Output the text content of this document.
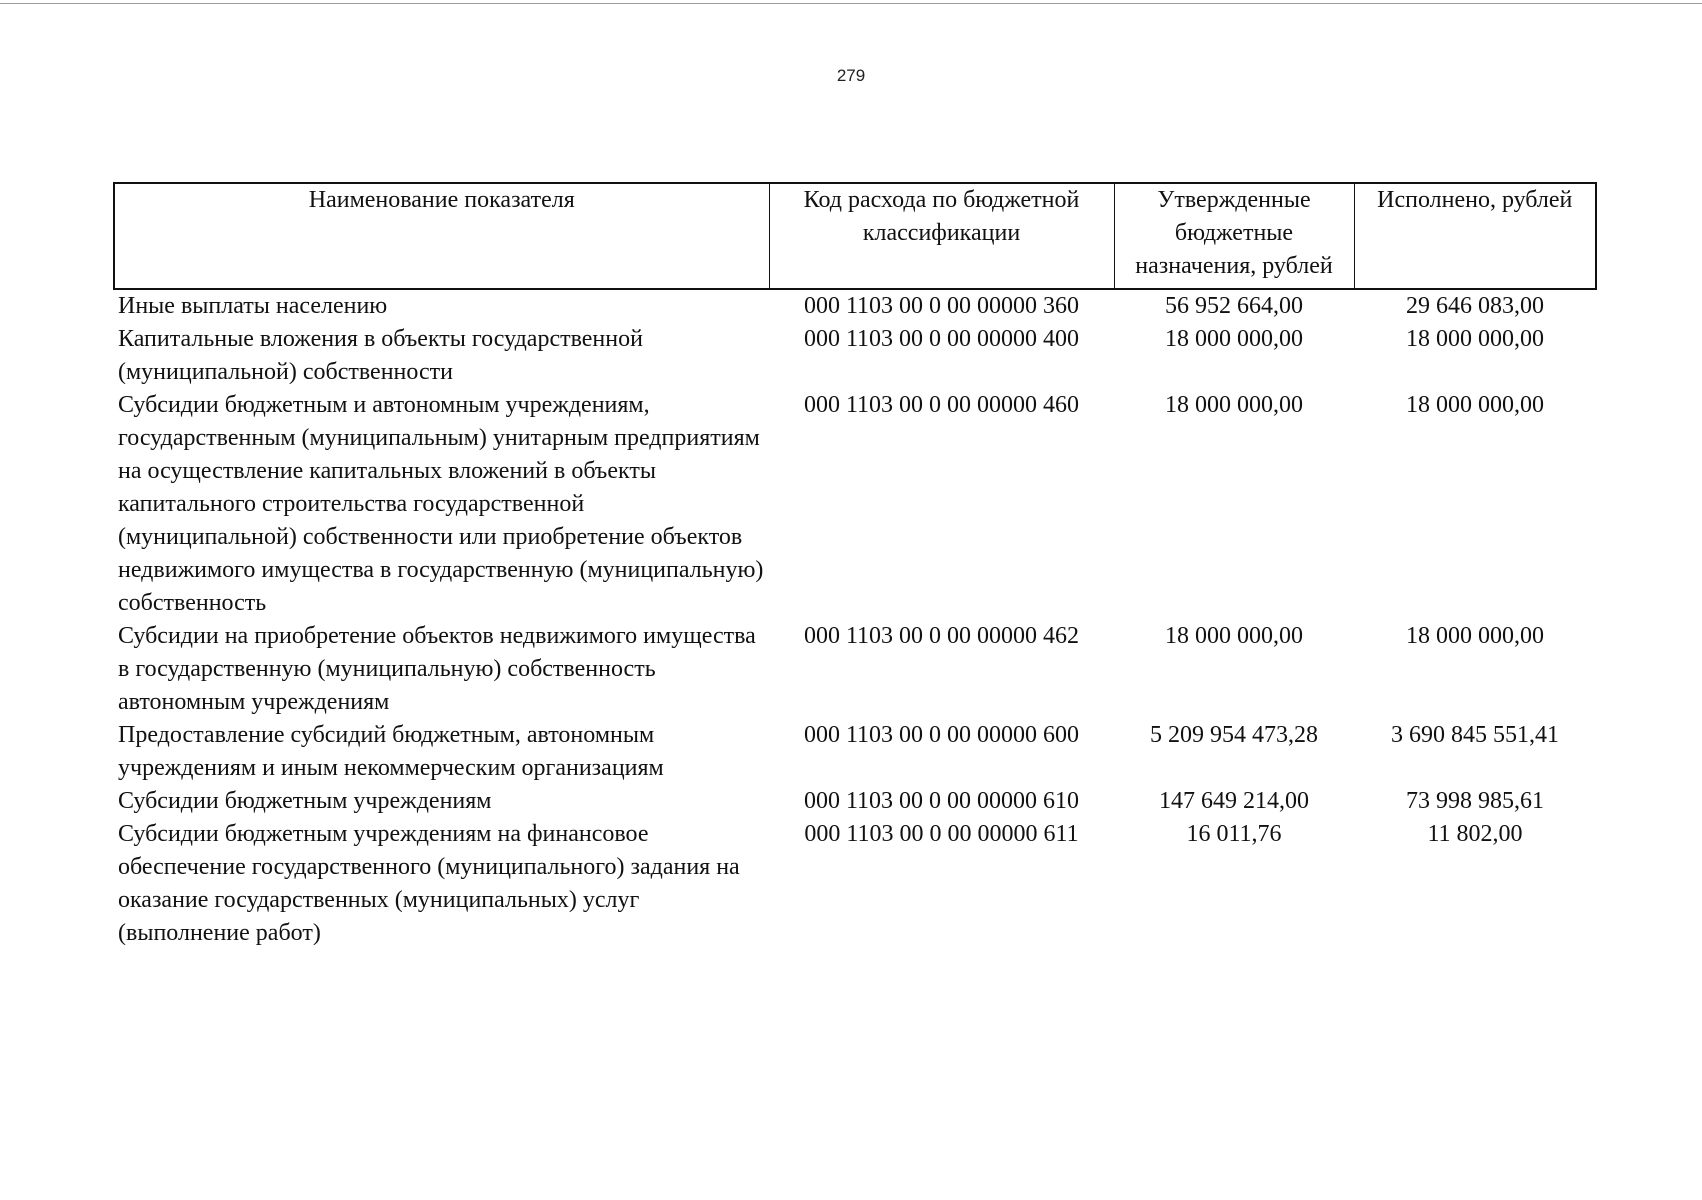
279
Наименование показателя	Код расхода по бюджетной классификации	Утвержденные бюджетные назначения, рублей	Исполнено, рублей
Иные выплаты населению	000 1103 00 0 00 00000 360	56 952 664,00	29 646 083,00
Капитальные вложения в объекты государственной (муниципальной) собственности	000 1103 00 0 00 00000 400	18 000 000,00	18 000 000,00
Субсидии бюджетным и автономным учреждениям, государственным (муниципальным) унитарным предприятиям на осуществление капитальных вложений в объекты капитального строительства государственной (муниципальной) собственности или приобретение объектов недвижимого имущества в государственную (муниципальную) собственность	000 1103 00 0 00 00000 460	18 000 000,00	18 000 000,00
Субсидии на приобретение объектов недвижимого имущества в государственную (муниципальную) собственность автономным учреждениям	000 1103 00 0 00 00000 462	18 000 000,00	18 000 000,00
Предоставление субсидий бюджетным, автономным учреждениям и иным некоммерческим организациям	000 1103 00 0 00 00000 600	5 209 954 473,28	3 690 845 551,41
Субсидии бюджетным учреждениям	000 1103 00 0 00 00000 610	147 649 214,00	73 998 985,61
Субсидии бюджетным учреждениям на финансовое обеспечение государственного (муниципального) задания на оказание государственных (муниципальных) услуг (выполнение работ)	000 1103 00 0 00 00000 611	16 011,76	11 802,00
